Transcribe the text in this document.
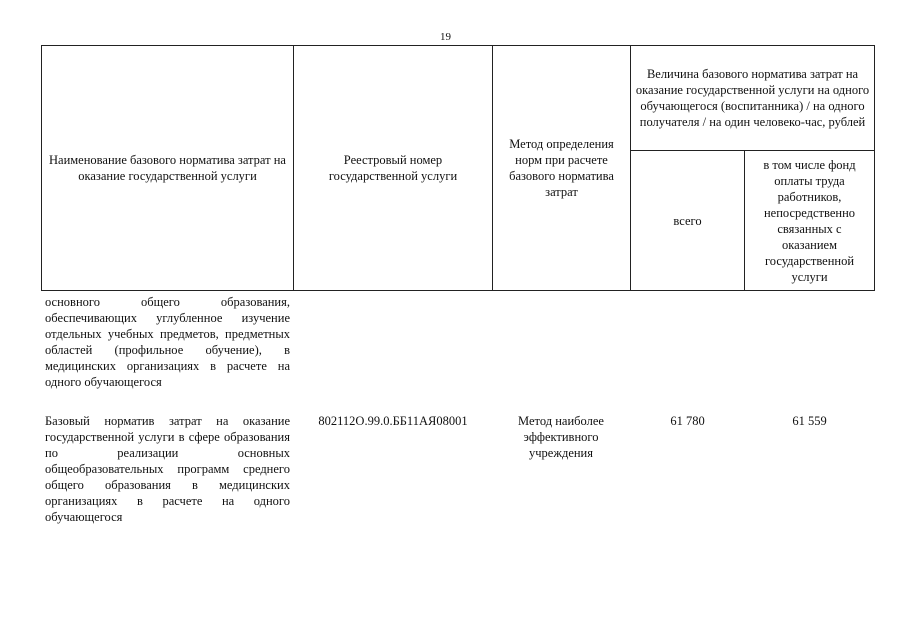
19
Наименование базового норматива затрат на оказание государственной услуги
Реестровый номер государственной услуги
Метод определения норм при расчете базового норматива затрат
Величина базового норматива затрат на оказание государственной услуги на одного обучающегося (воспитанника) / на одного получателя / на один человеко-час, рублей
всего
в том числе фонд оплаты труда работников, непосредственно связанных с оказанием государственной услуги
основного общего образования, обеспечивающих углубленное изучение отдельных учебных предметов, предметных областей (профильное обучение), в медицинских организациях в расчете на одного обучающегося
Базовый норматив затрат на оказание государственной услуги в сфере образования по реализации основных общеобразовательных программ среднего общего образования в медицинских организациях в расчете на одного обучающегося
802112О.99.0.ББ11АЯ08001	Метод наиболее эффективного учреждения
61 780	61 559
